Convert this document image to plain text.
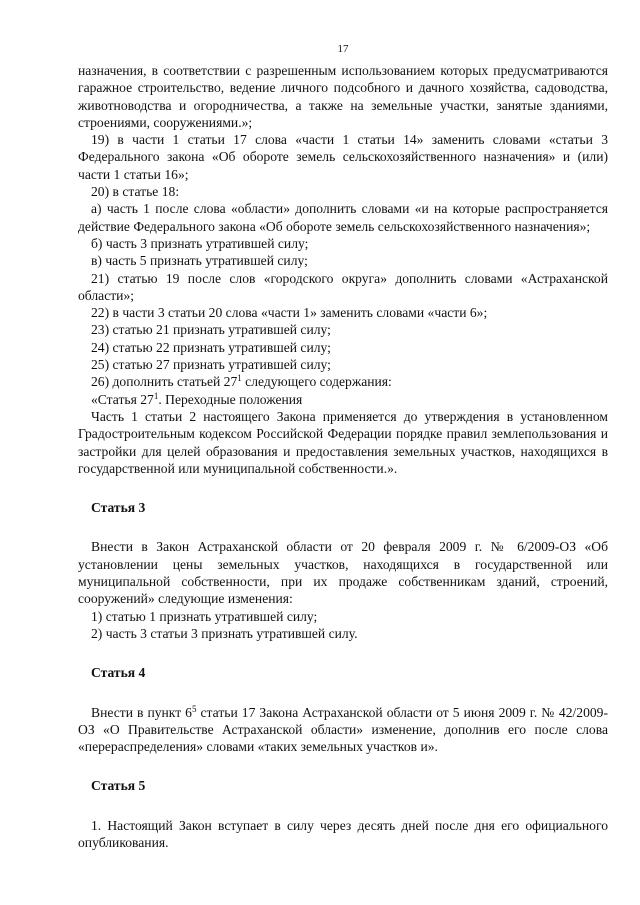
17

назначения, в соответствии с разрешенным использованием которых предусматриваются гаражное строительство, ведение личного подсобного и дачного хозяйства, садоводства, животноводства и огородничества, а также на земельные участки, занятые зданиями, строениями, сооружениями.»;

19) в части 1 статьи 17 слова «части 1 статьи 14» заменить словами «статьи 3 Федерального закона «Об обороте земель сельскохозяйственного назначения» и (или) части 1 статьи 16»;

20) в статье 18:

а) часть 1 после слова «области» дополнить словами «и на которые распространяется действие Федерального закона «Об обороте земель сельскохозяйственного назначения»;

б) часть 3 признать утратившей силу;

в) часть 5 признать утратившей силу;

21) статью 19 после слов «городского округа» дополнить словами «Астраханской области»;

22) в части 3 статьи 20 слова «части 1» заменить словами «части 6»;

23) статью 21 признать утратившей силу;

24) статью 22 признать утратившей силу;

25) статью 27 признать утратившей силу;

26) дополнить статьей $27^1$ следующего содержания:

«Статья $27^1$. Переходные положения

Часть 1 статьи 2 настоящего Закона применяется до утверждения в установленном Градостроительным кодексом Российской Федерации порядке правил землепользования и застройки для целей образования и предоставления земельных участков, находящихся в государственной или муниципальной собственности.».

Статья 3

Внести в Закон Астраханской области от 20 февраля 2009 г. № 6/2009-ОЗ «Об установлении цены земельных участков, находящихся в государственной или муниципальной собственности, при их продаже собственникам зданий, строений, сооружений» следующие изменения:

1) статью 1 признать утратившей силу;

2) часть 3 статьи 3 признать утратившей силу.

Статья 4

Внести в пункт $6^5$ статьи 17 Закона Астраханской области от 5 июня 2009 г. № 42/2009-ОЗ «О Правительстве Астраханской области» изменение, дополнив его после слова «перераспределения» словами «таких земельных участков и».

Статья 5

1. Настоящий Закон вступает в силу через десять дней после дня его официального опубликования.
